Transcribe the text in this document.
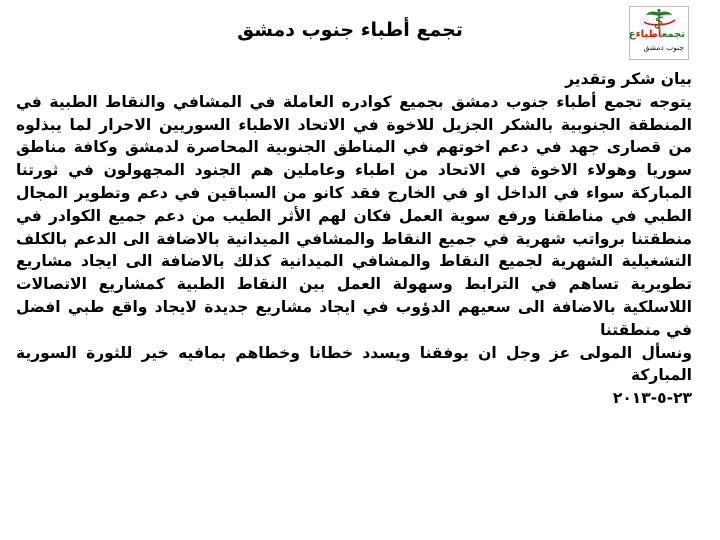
تجمعأطباءع
جنوب دمشق
تجمع أطباء جنوب دمشق

بيان شكر وتقدير

يتوجه تجمع أطباء جنوب دمشق بجميع كوادره العاملة في المشافي والنقاط الطبية في المنطقة الجنوبية بالشكر الجزيل للاخوة في الاتحاد الاطباء السوريين الاحرار لما يبذلوه من قصارى جهد في دعم اخوتهم في المناطق الجنوبية المحاصرة لدمشق وكافة مناطق سوريا وهولاء الاخوة في الاتحاد من اطباء وعاملين هم الجنود المجهولون في ثورتنا المباركة سواء في الداخل او في الخارج فقد كانو من السباقين في دعم وتطوير المجال الطبي في مناطقنا ورفع سوية العمل فكان لهم الأثر الطيب من دعم جميع الكوادر في منطقتنا برواتب شهرية في جميع النقاط والمشافي الميدانية بالاضافة الى الدعم بالكلف التشغيلية الشهرية لجميع النقاط والمشافي الميدانية كذلك بالاضافة الى ايجاد مشاريع تطويرية تساهم في الترابط وسهولة العمل بين النقاط الطبية كمشاريع الاتصالات اللاسلكية بالاضافة الى سعيهم الدؤوب في ايجاد مشاريع جديدة لايجاد واقع طبي افضل في منطقتنا

ونسأل المولى عز وجل ان يوفقنا ويسدد خطانا وخطاهم بمافيه خير للثورة السورية المباركة

٢٣-٥-٢٠١٣
